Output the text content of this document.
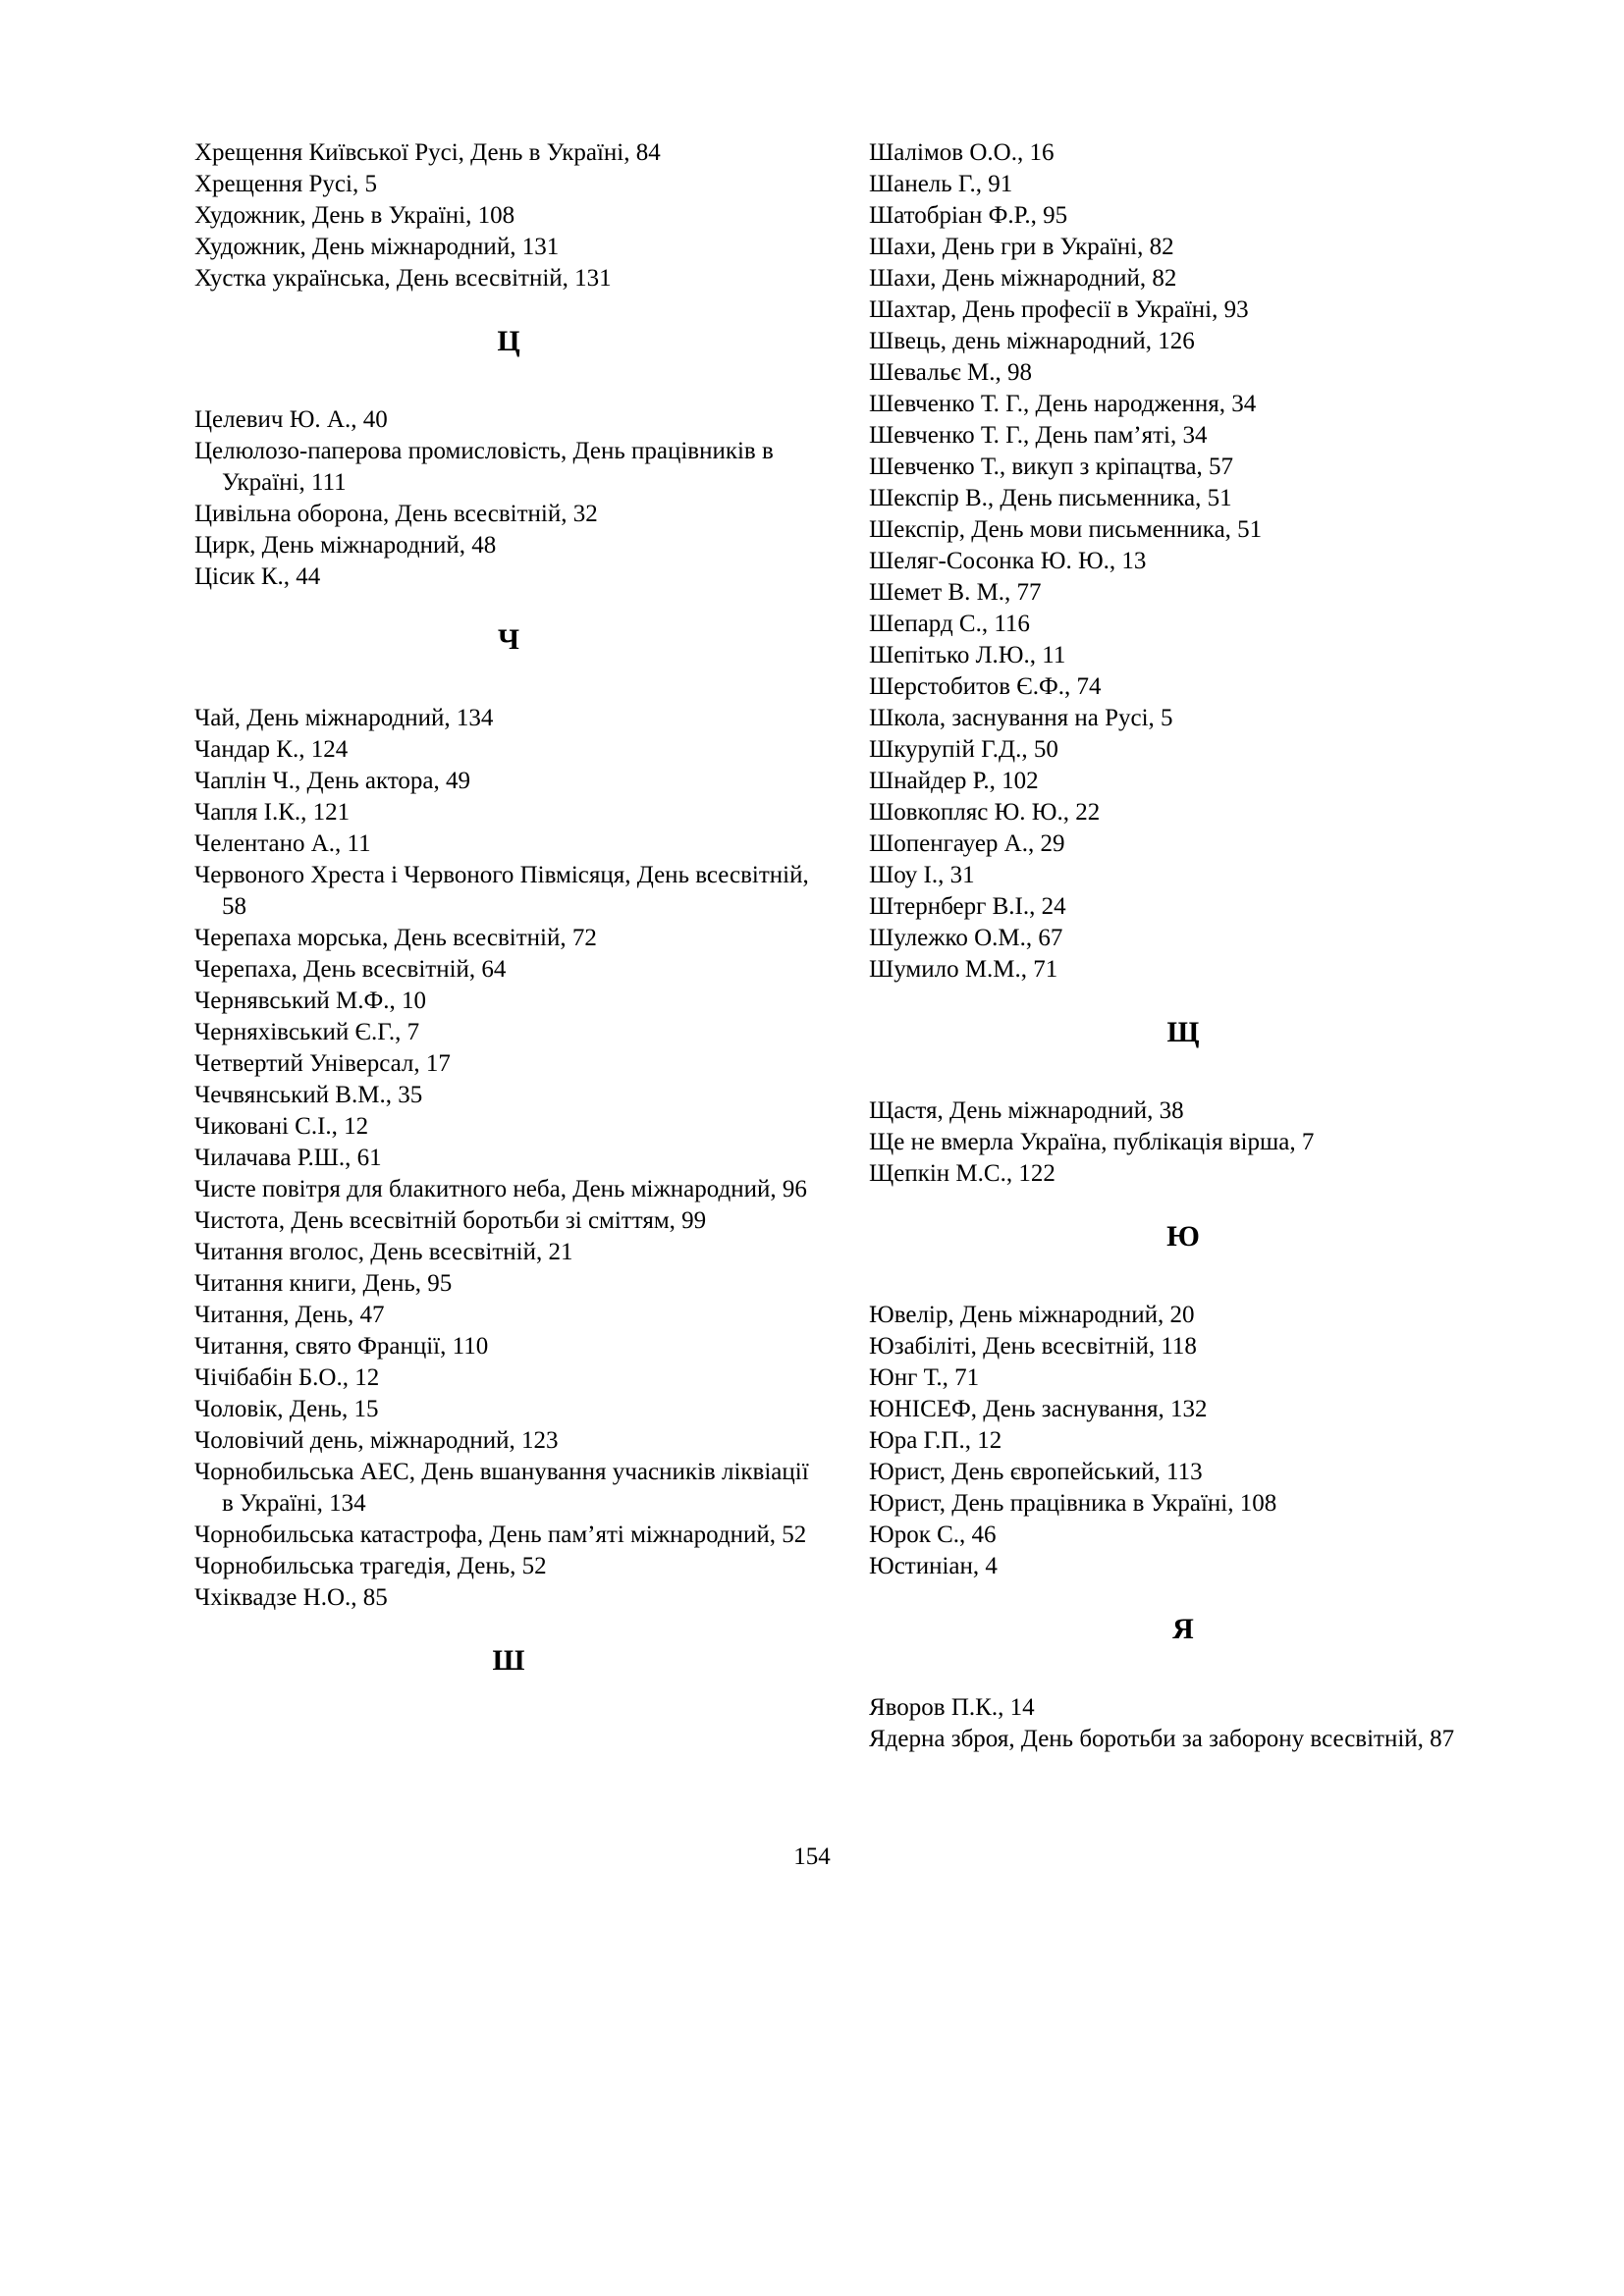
Хрещення Київської Русі, День в Україні, 84
Хрещення Русі, 5
Художник, День в Україні, 108
Художник, День міжнародний, 131
Хустка українська, День всесвітній, 131
Ц
Целевич Ю. А., 40
Целюлозо-паперова промисловість, День працівників в Україні, 111
Цивільна оборона, День всесвітній, 32
Цирк, День міжнародний, 48
Цісик К., 44
Ч
Чай, День міжнародний, 134
Чандар К., 124
Чаплін Ч., День актора, 49
Чапля І.К., 121
Челентано А., 11
Червоного Хреста і Червоного Півмісяця, День всесвітній, 58
Черепаха морська, День всесвітній, 72
Черепаха, День всесвітній, 64
Чернявський М.Ф., 10
Черняхівський Є.Г., 7
Четвертий Універсал, 17
Чечвянський В.М., 35
Чиковані С.І., 12
Чилачава Р.Ш., 61
Чисте повітря для блакитного неба, День міжнародний, 96
Чистота, День всесвітній боротьби зі сміттям, 99
Читання вголос, День всесвітній, 21
Читання книги, День, 95
Читання, День, 47
Читання, свято Франції, 110
Чічібабін Б.О., 12
Чоловік, День, 15
Чоловічий день, міжнародний, 123
Чорнобильська АЕС, День вшанування учасників ліквіації в Україні, 134
Чорнобильська катастрофа, День пам’яті міжнародний, 52
Чорнобильська трагедія, День, 52
Чхіквадзе Н.О., 85
Ш
Шалімов О.О., 16
Шанель Г., 91
Шатобріан Ф.Р., 95
Шахи, День гри в Україні, 82
Шахи, День міжнародний, 82
Шахтар, День професії в Україні, 93
Швець, день міжнародний, 126
Шевальє М., 98
Шевченко Т. Г., День народження, 34
Шевченко Т. Г., День пам’яті, 34
Шевченко Т., викуп з кріпацтва, 57
Шекспір В., День письменника, 51
Шекспір, День мови письменника, 51
Шеляг-Сосонка Ю. Ю., 13
Шемет В. М., 77
Шепард С., 116
Шепітько Л.Ю., 11
Шерстобитов Є.Ф., 74
Школа, заснування на Русі, 5
Шкурупій Г.Д., 50
Шнайдер Р., 102
Шовкопляс Ю. Ю., 22
Шопенгауер А., 29
Шоу І., 31
Штернберг В.І., 24
Шулежко О.М., 67
Шумило М.М., 71
Щ
Щастя, День міжнародний, 38
Ще не вмерла Україна, публікація вірша, 7
Щепкін М.С., 122
Ю
Ювелір, День міжнародний, 20
Юзабіліті, День всесвітній, 118
Юнг Т., 71
ЮНІСЕФ, День заснування, 132
Юра Г.П., 12
Юрист, День європейський, 113
Юрист, День працівника в Україні, 108
Юрок С., 46
Юстиніан, 4
Я
Яворов П.К., 14
Ядерна зброя, День боротьби за заборону всесвітній, 87
154
